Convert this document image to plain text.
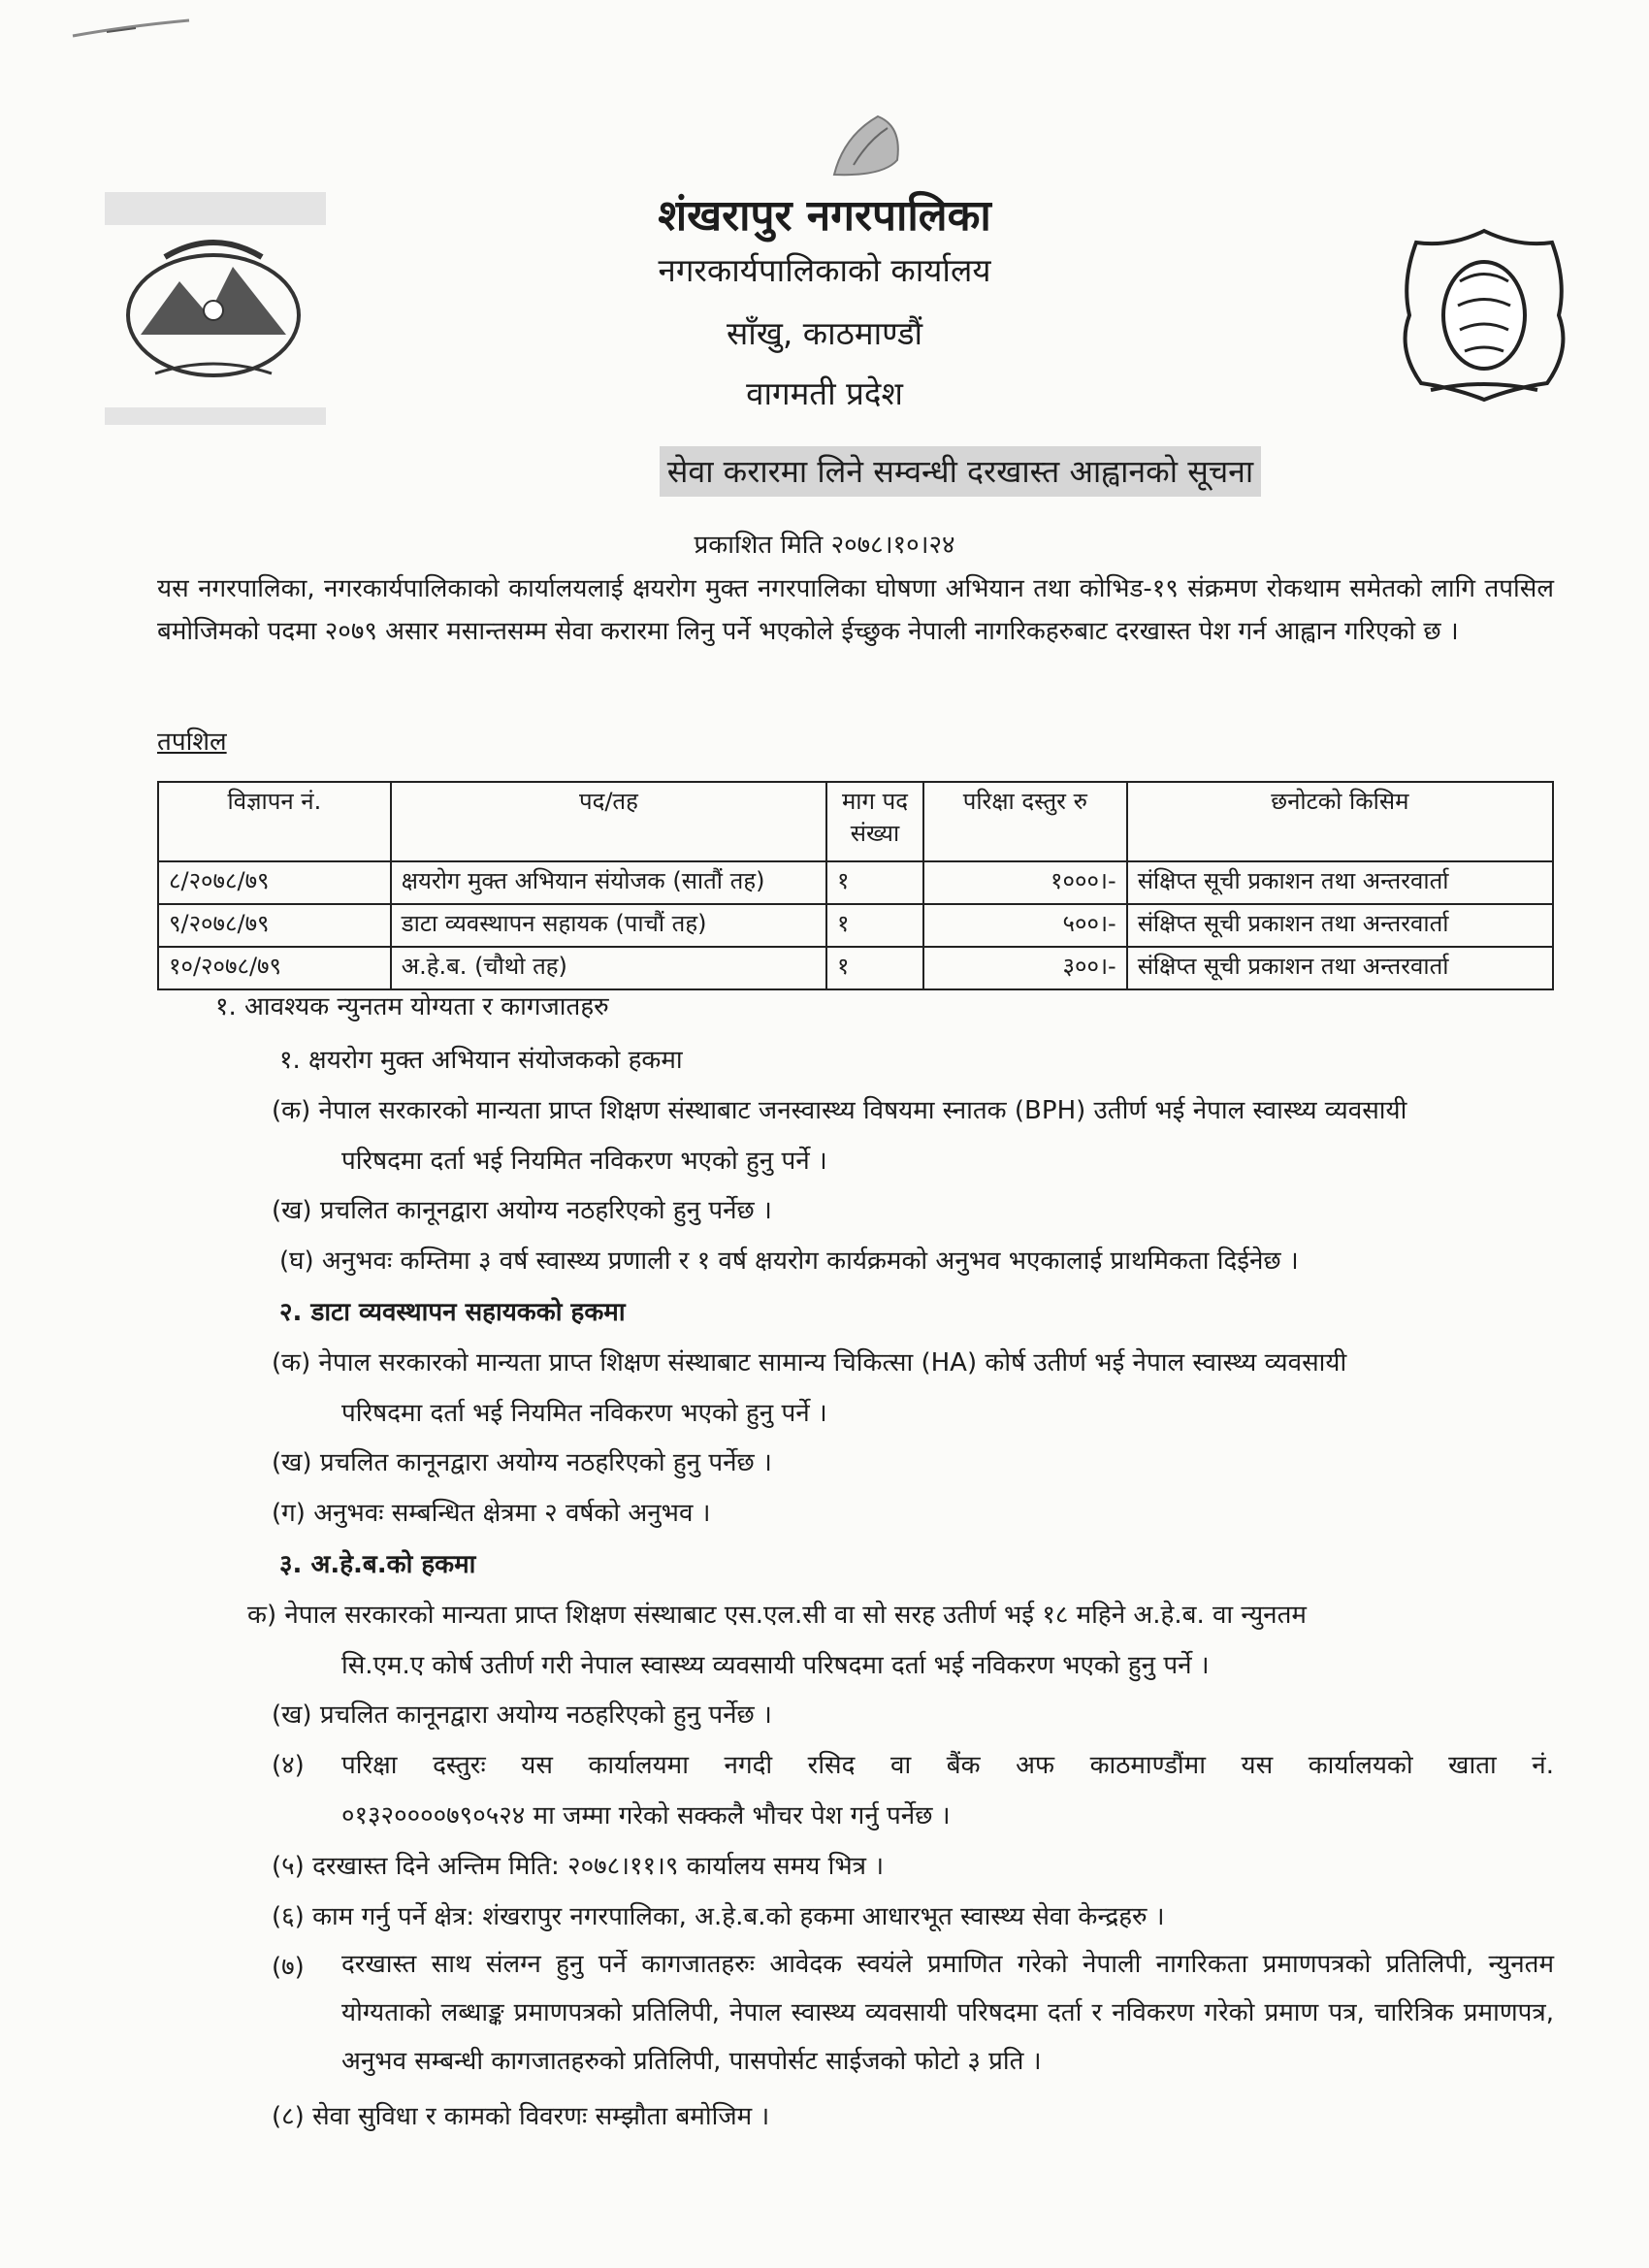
शंखरापुर नगरपालिका
नगरकार्यपालिकाको कार्यालय
साँखु, काठमाण्डौं
वागमती प्रदेश
सेवा करारमा लिने सम्वन्धी दरखास्त आह्वानको सूचना
प्रकाशित मिति २०७८।१०।२४
यस नगरपालिका, नगरकार्यपालिकाको कार्यालयलाई क्षयरोग मुक्त नगरपालिका घोषणा अभियान तथा कोभिड-१९ संक्रमण रोकथाम समेतको लागि तपसिल बमोजिमको पदमा २०७९ असार मसान्तसम्म सेवा करारमा लिनु पर्ने भएकोले ईच्छुक नेपाली नागरिकहरुबाट दरखास्त पेश गर्न आह्वान गरिएको छ ।
तपशिल
विज्ञापन नं.	पद/तह	माग पद संख्या	परिक्षा दस्तुर रु	छनोटको किसिम
८/२०७८/७९	क्षयरोग मुक्त अभियान संयोजक (सातौं तह)	१	१०००।-	संक्षिप्त सूची प्रकाशन तथा अन्तरवार्ता
९/२०७८/७९	डाटा व्यवस्थापन सहायक (पाचौं तह)	१	५००।-	संक्षिप्त सूची प्रकाशन तथा अन्तरवार्ता
१०/२०७८/७९	अ.हे.ब. (चौथो तह)	१	३००।-	संक्षिप्त सूची प्रकाशन तथा अन्तरवार्ता
१. आवश्यक न्युनतम योग्यता र कागजातहरु
१. क्षयरोग मुक्त अभियान संयोजकको हकमा
(क) नेपाल सरकारको मान्यता प्राप्त शिक्षण संस्थाबाट जनस्वास्थ्य विषयमा स्नातक (BPH) उतीर्ण भई नेपाल स्वास्थ्य व्यवसायी
परिषदमा दर्ता भई नियमित नविकरण भएको हुनु पर्ने ।
(ख) प्रचलित कानूनद्वारा अयोग्य नठहरिएको हुनु पर्नेछ ।
(घ) अनुभवः कम्तिमा ३ वर्ष स्वास्थ्य प्रणाली र १ वर्ष क्षयरोग कार्यक्रमको अनुभव भएकालाई प्राथमिकता दिईनेछ ।
२. डाटा व्यवस्थापन सहायकको हकमा
(क) नेपाल सरकारको मान्यता प्राप्त शिक्षण संस्थाबाट सामान्य चिकित्सा (HA) कोर्ष उतीर्ण भई नेपाल स्वास्थ्य व्यवसायी
परिषदमा दर्ता भई नियमित नविकरण भएको हुनु पर्ने ।
(ख) प्रचलित कानूनद्वारा अयोग्य नठहरिएको हुनु पर्नेछ ।
(ग) अनुभवः सम्बन्धित क्षेत्रमा २ वर्षको अनुभव ।
३. अ.हे.ब.को हकमा
क) नेपाल सरकारको मान्यता प्राप्त शिक्षण संस्थाबाट एस.एल.सी वा सो सरह उतीर्ण भई १८ महिने अ.हे.ब. वा न्युनतम
सि.एम.ए कोर्ष उतीर्ण गरी नेपाल स्वास्थ्य व्यवसायी परिषदमा दर्ता भई नविकरण भएको हुनु पर्ने ।
(ख) प्रचलित कानूनद्वारा अयोग्य नठहरिएको हुनु पर्नेछ ।
(४) परिक्षा दस्तुरः यस कार्यालयमा नगदी रसिद वा बैंक अफ काठमाण्डौंमा यस कार्यालयको खाता नं.
०१३२००००७९०५२४ मा जम्मा गरेको सक्कलै भौचर पेश गर्नु पर्नेछ ।
(५) दरखास्त दिने अन्तिम मिति: २०७८।११।९ कार्यालय समय भित्र ।
(६) काम गर्नु पर्ने क्षेत्र: शंखरापुर नगरपालिका, अ.हे.ब.को हकमा आधारभूत स्वास्थ्य सेवा केन्द्रहरु ।
(७) दरखास्त साथ संलग्न हुनु पर्ने कागजातहरुः आवेदक स्वयंले प्रमाणित गरेको नेपाली नागरिकता प्रमाणपत्रको प्रतिलिपी, न्युनतम योग्यताको लब्धाङ्क प्रमाणपत्रको प्रतिलिपी, नेपाल स्वास्थ्य व्यवसायी परिषदमा दर्ता र नविकरण गरेको प्रमाण पत्र, चारित्रिक प्रमाणपत्र, अनुभव सम्बन्धी कागजातहरुको प्रतिलिपी, पासपोर्सट साईजको फोटो ३ प्रति ।
(८) सेवा सुविधा र कामको विवरणः सम्झौता बमोजिम ।
